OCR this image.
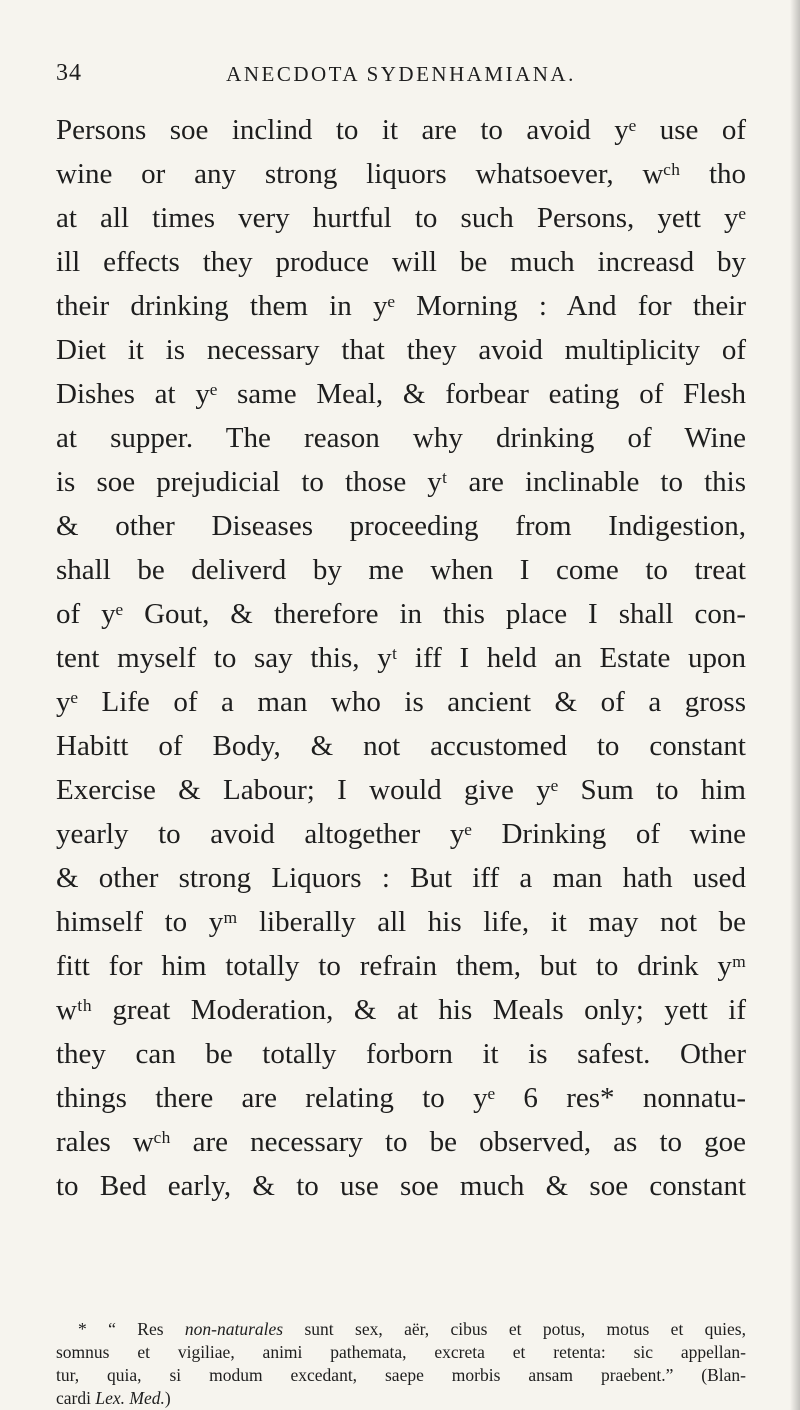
34	ANECDOTA SYDENHAMIANA.
Persons soe inclind to it are to avoid yᵉ use of
wine or any strong liquors whatsoever, wᶜʰ tho
at all times very hurtful to such Persons, yett yᵉ
ill effects they produce will be much increasd by
their drinking them in yᵉ Morning : And for their
Diet it is necessary that they avoid multiplicity of
Dishes at yᵉ same Meal, & forbear eating of Flesh
at supper. The reason why drinking of Wine
is soe prejudicial to those yᵗ are inclinable to this
& other Diseases proceeding from Indigestion,
shall be deliverd by me when I come to treat
of yᵉ Gout, & therefore in this place I shall con-
tent myself to say this, yᵗ iff I held an Estate upon
yᵉ Life of a man who is ancient & of a gross
Habitt of Body, & not accustomed to constant
Exercise & Labour; I would give yᵉ Sum to him
yearly to avoid altogether yᵉ Drinking of wine
& other strong Liquors : But iff a man hath used
himself to yᵐ liberally all his life, it may not be
fitt for him totally to refrain them, but to drink yᵐ
wᵗʰ great Moderation, & at his Meals only; yett if
they can be totally forborn it is safest. Other
things there are relating to yᵉ 6 res* nonnatu-
rales wᶜʰ are necessary to be observed, as to goe
to Bed early, & to use soe much & soe constant
* “ Res non-naturales sunt sex, aër, cibus et potus, motus et quies,
somnus et vigiliae, animi pathemata, excreta et retenta: sic appellan-
tur, quia, si modum excedant, saepe morbis ansam praebent.” (Blan-
cardi Lex. Med.)
